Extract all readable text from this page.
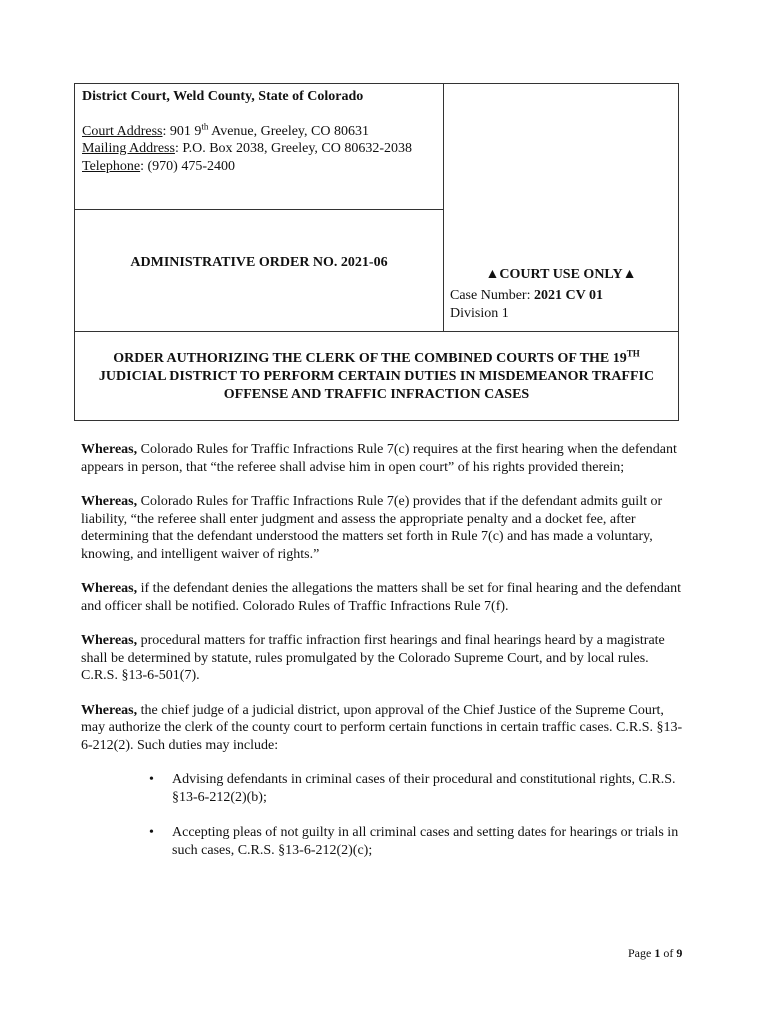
District Court, Weld County, State of Colorado
Court Address: 901 9th Avenue, Greeley, CO 80631
Mailing Address: P.O. Box 2038, Greeley, CO 80632-2038
Telephone: (970) 475-2400
ADMINISTRATIVE ORDER NO. 2021-06
▲COURT USE ONLY▲
Case Number: 2021 CV 01
Division 1
ORDER AUTHORIZING THE CLERK OF THE COMBINED COURTS OF THE 19TH
JUDICIAL DISTRICT TO PERFORM CERTAIN DUTIES IN MISDEMEANOR TRAFFIC OFFENSE AND TRAFFIC INFRACTION CASES

Whereas, Colorado Rules for Traffic Infractions Rule 7(c) requires at the first hearing when the defendant appears in person, that “the referee shall advise him in open court” of his rights provided therein;

Whereas, Colorado Rules for Traffic Infractions Rule 7(e) provides that if the defendant admits guilt or liability, “the referee shall enter judgment and assess the appropriate penalty and a docket fee, after determining that the defendant understood the matters set forth in Rule 7(c) and has made a voluntary, knowing, and intelligent waiver of rights.”

Whereas, if the defendant denies the allegations the matters shall be set for final hearing and the defendant and officer shall be notified. Colorado Rules of Traffic Infractions Rule 7(f).

Whereas, procedural matters for traffic infraction first hearings and final hearings heard by a magistrate shall be determined by statute, rules promulgated by the Colorado Supreme Court, and by local rules. C.R.S. §13-6-501(7).

Whereas, the chief judge of a judicial district, upon approval of the Chief Justice of the Supreme Court, may authorize the clerk of the county court to perform certain functions in certain traffic cases. C.R.S. §13-6-212(2). Such duties may include:

• Advising defendants in criminal cases of their procedural and constitutional rights, C.R.S. §13-6-212(2)(b);
• Accepting pleas of not guilty in all criminal cases and setting dates for hearings or trials in such cases, C.R.S. §13-6-212(2)(c);
Page 1 of 9
